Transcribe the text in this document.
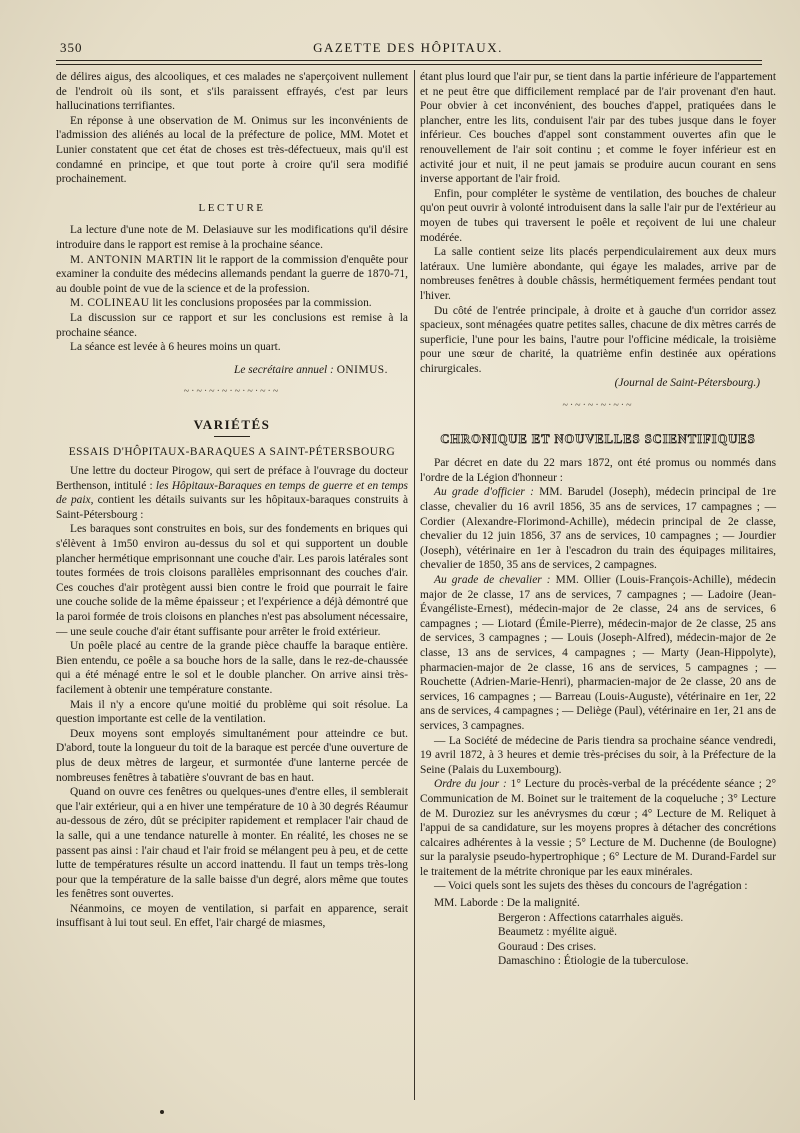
350	GAZETTE DES HÔPITAUX.

de délires aigus, des alcooliques, et ces malades ne s'aperçoivent nullement de l'endroit où ils sont, et s'ils paraissent effrayés, c'est par leurs hallucinations terrifiantes.

En réponse à une observation de M. Onimus sur les inconvénients de l'admission des aliénés au local de la préfecture de police, MM. Motet et Lunier constatent que cet état de choses est très-défectueux, mais qu'il est condamné en principe, et que tout porte à croire qu'il sera modifié prochainement.

LECTURE

La lecture d'une note de M. Delasiauve sur les modifications qu'il désire introduire dans le rapport est remise à la prochaine séance.

M. ANTONIN MARTIN lit le rapport de la commission d'enquête pour examiner la conduite des médecins allemands pendant la guerre de 1870-71, au double point de vue de la science et de la profession.

M. COLINEAU lit les conclusions proposées par la commission.

La discussion sur ce rapport et sur les conclusions est remise à la prochaine séance.

La séance est levée à 6 heures moins un quart.

Le secrétaire annuel : ONIMUS.
~·~·~·~·~·~·~·~
VARIÉTÉS
ESSAIS D'HÔPITAUX-BARAQUES A SAINT-PÉTERSBOURG

Une lettre du docteur Pirogow, qui sert de préface à l'ouvrage du docteur Berthenson, intitulé : les Hôpitaux-Baraques en temps de guerre et en temps de paix, contient les détails suivants sur les hôpitaux-baraques construits à Saint-Pétersbourg :

Les baraques sont construites en bois, sur des fondements en briques qui s'élèvent à 1m50 environ au-dessus du sol et qui supportent un double plancher hermétique emprisonnant une couche d'air. Les parois latérales sont toutes formées de trois cloisons parallèles emprisonnant des couches d'air. Ces couches d'air protègent aussi bien contre le froid que pourrait le faire une couche solide de la même épaisseur ; et l'expérience a déjà démontré que la paroi formée de trois cloisons en planches n'est pas absolument nécessaire, — une seule couche d'air étant suffisante pour arrêter le froid extérieur.

Un poêle placé au centre de la grande pièce chauffe la baraque entière. Bien entendu, ce poêle a sa bouche hors de la salle, dans le rez-de-chaussée qui a été ménagé entre le sol et le double plancher. On arrive ainsi très-facilement à obtenir une température constante.

Mais il n'y a encore qu'une moitié du problème qui soit résolue. La question importante est celle de la ventilation.

Deux moyens sont employés simultanément pour atteindre ce but. D'abord, toute la longueur du toit de la baraque est percée d'une ouverture de plus de deux mètres de largeur, et surmontée d'une lanterne percée de nombreuses fenêtres à tabatière s'ouvrant de bas en haut.

Quand on ouvre ces fenêtres ou quelques-unes d'entre elles, il semblerait que l'air extérieur, qui a en hiver une température de 10 à 30 degrés Réaumur au-dessous de zéro, dût se précipiter rapidement et remplacer l'air chaud de la salle, qui a une tendance naturelle à monter. En réalité, les choses ne se passent pas ainsi : l'air chaud et l'air froid se mélangent peu à peu, et de cette lutte de températures résulte un accord inattendu. Il faut un temps très-long pour que la température de la salle baisse d'un degré, alors même que toutes les fenêtres sont ouvertes.

Néanmoins, ce moyen de ventilation, si parfait en apparence, serait insuffisant à lui tout seul. En effet, l'air chargé de miasmes,

étant plus lourd que l'air pur, se tient dans la partie inférieure de l'appartement et ne peut être que difficilement remplacé par de l'air provenant d'en haut. Pour obvier à cet inconvénient, des bouches d'appel, pratiquées dans le plancher, entre les lits, conduisent l'air par des tubes jusque dans le foyer inférieur. Ces bouches d'appel sont constamment ouvertes afin que le renouvellement de l'air soit continu ; et comme le foyer inférieur est en activité jour et nuit, il ne peut jamais se produire aucun courant en sens inverse apportant de l'air froid.

Enfin, pour compléter le système de ventilation, des bouches de chaleur qu'on peut ouvrir à volonté introduisent dans la salle l'air pur de l'extérieur au moyen de tubes qui traversent le poêle et reçoivent de lui une chaleur modérée.

La salle contient seize lits placés perpendiculairement aux deux murs latéraux. Une lumière abondante, qui égaye les malades, arrive par de nombreuses fenêtres à double châssis, hermétiquement fermées pendant tout l'hiver.

Du côté de l'entrée principale, à droite et à gauche d'un corridor assez spacieux, sont ménagées quatre petites salles, chacune de dix mètres carrés de superficie, l'une pour les bains, l'autre pour l'officine médicale, la troisième pour une sœur de charité, la quatrième enfin destinée aux opérations chirurgicales.

(Journal de Saint-Pétersbourg.)
~·~·~·~·~·~
CHRONIQUE ET NOUVELLES SCIENTIFIQUES

Par décret en date du 22 mars 1872, ont été promus ou nommés dans l'ordre de la Légion d'honneur :

Au grade d'officier : MM. Barudel (Joseph), médecin principal de 1re classe, chevalier du 16 avril 1856, 35 ans de services, 17 campagnes ; — Cordier (Alexandre-Florimond-Achille), médecin principal de 2e classe, chevalier du 12 juin 1856, 37 ans de services, 10 campagnes ; — Jourdier (Joseph), vétérinaire en 1er à l'escadron du train des équipages militaires, chevalier de 1850, 35 ans de services, 2 campagnes.

Au grade de chevalier : MM. Ollier (Louis-François-Achille), médecin major de 2e classe, 17 ans de services, 7 campagnes ; — Ladoire (Jean-Évangéliste-Ernest), médecin-major de 2e classe, 24 ans de services, 6 campagnes ; — Liotard (Émile-Pierre), médecin-major de 2e classe, 25 ans de services, 3 campagnes ; — Louis (Joseph-Alfred), médecin-major de 2e classe, 13 ans de services, 4 campagnes ; — Marty (Jean-Hippolyte), pharmacien-major de 2e classe, 16 ans de services, 5 campagnes ; — Rouchette (Adrien-Marie-Henri), pharmacien-major de 2e classe, 20 ans de services, 16 campagnes ; — Barreau (Louis-Auguste), vétérinaire en 1er, 22 ans de services, 4 campagnes ; — Deliège (Paul), vétérinaire en 1er, 21 ans de services, 3 campagnes.

— La Société de médecine de Paris tiendra sa prochaine séance vendredi, 19 avril 1872, à 3 heures et demie très-précises du soir, à la Préfecture de la Seine (Palais du Luxembourg).

Ordre du jour : 1° Lecture du procès-verbal de la précédente séance ; 2° Communication de M. Boinet sur le traitement de la coqueluche ; 3° Lecture de M. Duroziez sur les anévrysmes du cœur ; 4° Lecture de M. Reliquet à l'appui de sa candidature, sur les moyens propres à détacher des concrétions calcaires adhérentes à la vessie ; 5° Lecture de M. Duchenne (de Boulogne) sur la paralysie pseudo-hypertrophique ; 6° Lecture de M. Durand-Fardel sur le traitement de la métrite chronique par les eaux minérales.

— Voici quels sont les sujets des thèses du concours de l'agrégation :

MM. Laborde : De la malignité.
Bergeron : Affections catarrhales aiguës.
Beaumetz : myélite aiguë.
Gouraud : Des crises.
Damaschino : Étiologie de la tuberculose.
